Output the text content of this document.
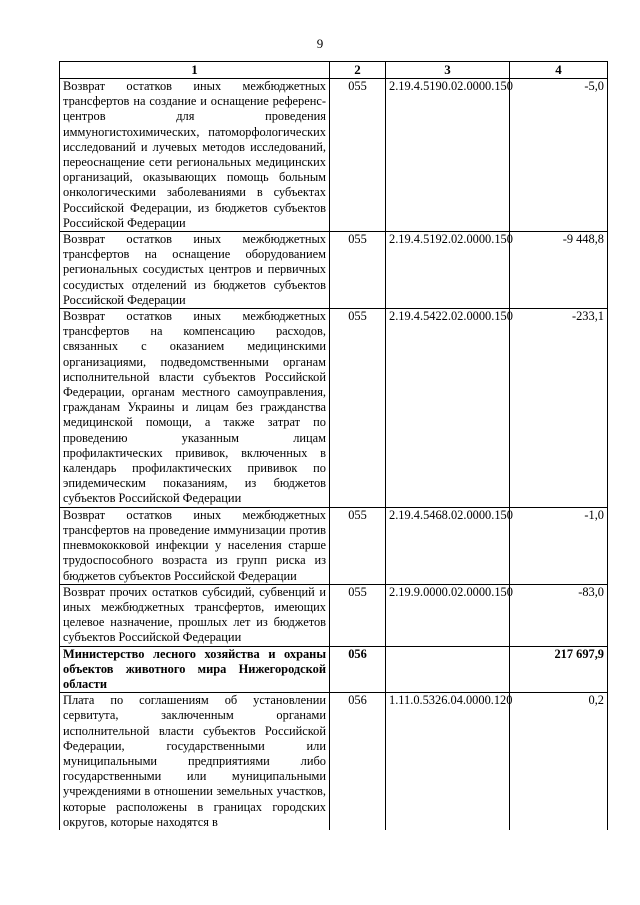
9
1	2	3	4
Возврат остатков иных межбюджетных трансфертов на создание и оснащение референс-центров для проведения иммуногистохимических, патоморфологических исследований и лучевых методов исследований, переоснащение сети региональных медицинских организаций, оказывающих помощь больным онкологическими заболеваниями в субъектах Российской Федерации, из бюджетов субъектов Российской Федерации	055	2.19.4.5190.02.0000.150	-5,0
Возврат остатков иных межбюджетных трансфертов на оснащение оборудованием региональных сосудистых центров и первичных сосудистых отделений из бюджетов субъектов Российской Федерации	055	2.19.4.5192.02.0000.150	-9 448,8
Возврат остатков иных межбюджетных трансфертов на компенсацию расходов, связанных с оказанием медицинскими организациями, подведомственными органам исполнительной власти субъектов Российской Федерации, органам местного самоуправления, гражданам Украины и лицам без гражданства медицинской помощи, а также затрат по проведению указанным лицам профилактических прививок, включенных в календарь профилактических прививок по эпидемическим показаниям, из бюджетов субъектов Российской Федерации	055	2.19.4.5422.02.0000.150	-233,1
Возврат остатков иных межбюджетных трансфертов на проведение иммунизации против пневмококковой инфекции у населения старше трудоспособного возраста из групп риска из бюджетов субъектов Российской Федерации	055	2.19.4.5468.02.0000.150	-1,0
Возврат прочих остатков субсидий, субвенций и иных межбюджетных трансфертов, имеющих целевое назначение, прошлых лет из бюджетов субъектов Российской Федерации	055	2.19.9.0000.02.0000.150	-83,0
Министерство лесного хозяйства и охраны объектов животного мира Нижегородской области	056		217 697,9
Плата по соглашениям об установлении сервитута, заключенным органами исполнительной власти субъектов Российской Федерации, государственными или муниципальными предприятиями либо государственными или муниципальными учреждениями в отношении земельных участков, которые расположены в границах городских округов, которые находятся в	056	1.11.0.5326.04.0000.120	0,2
